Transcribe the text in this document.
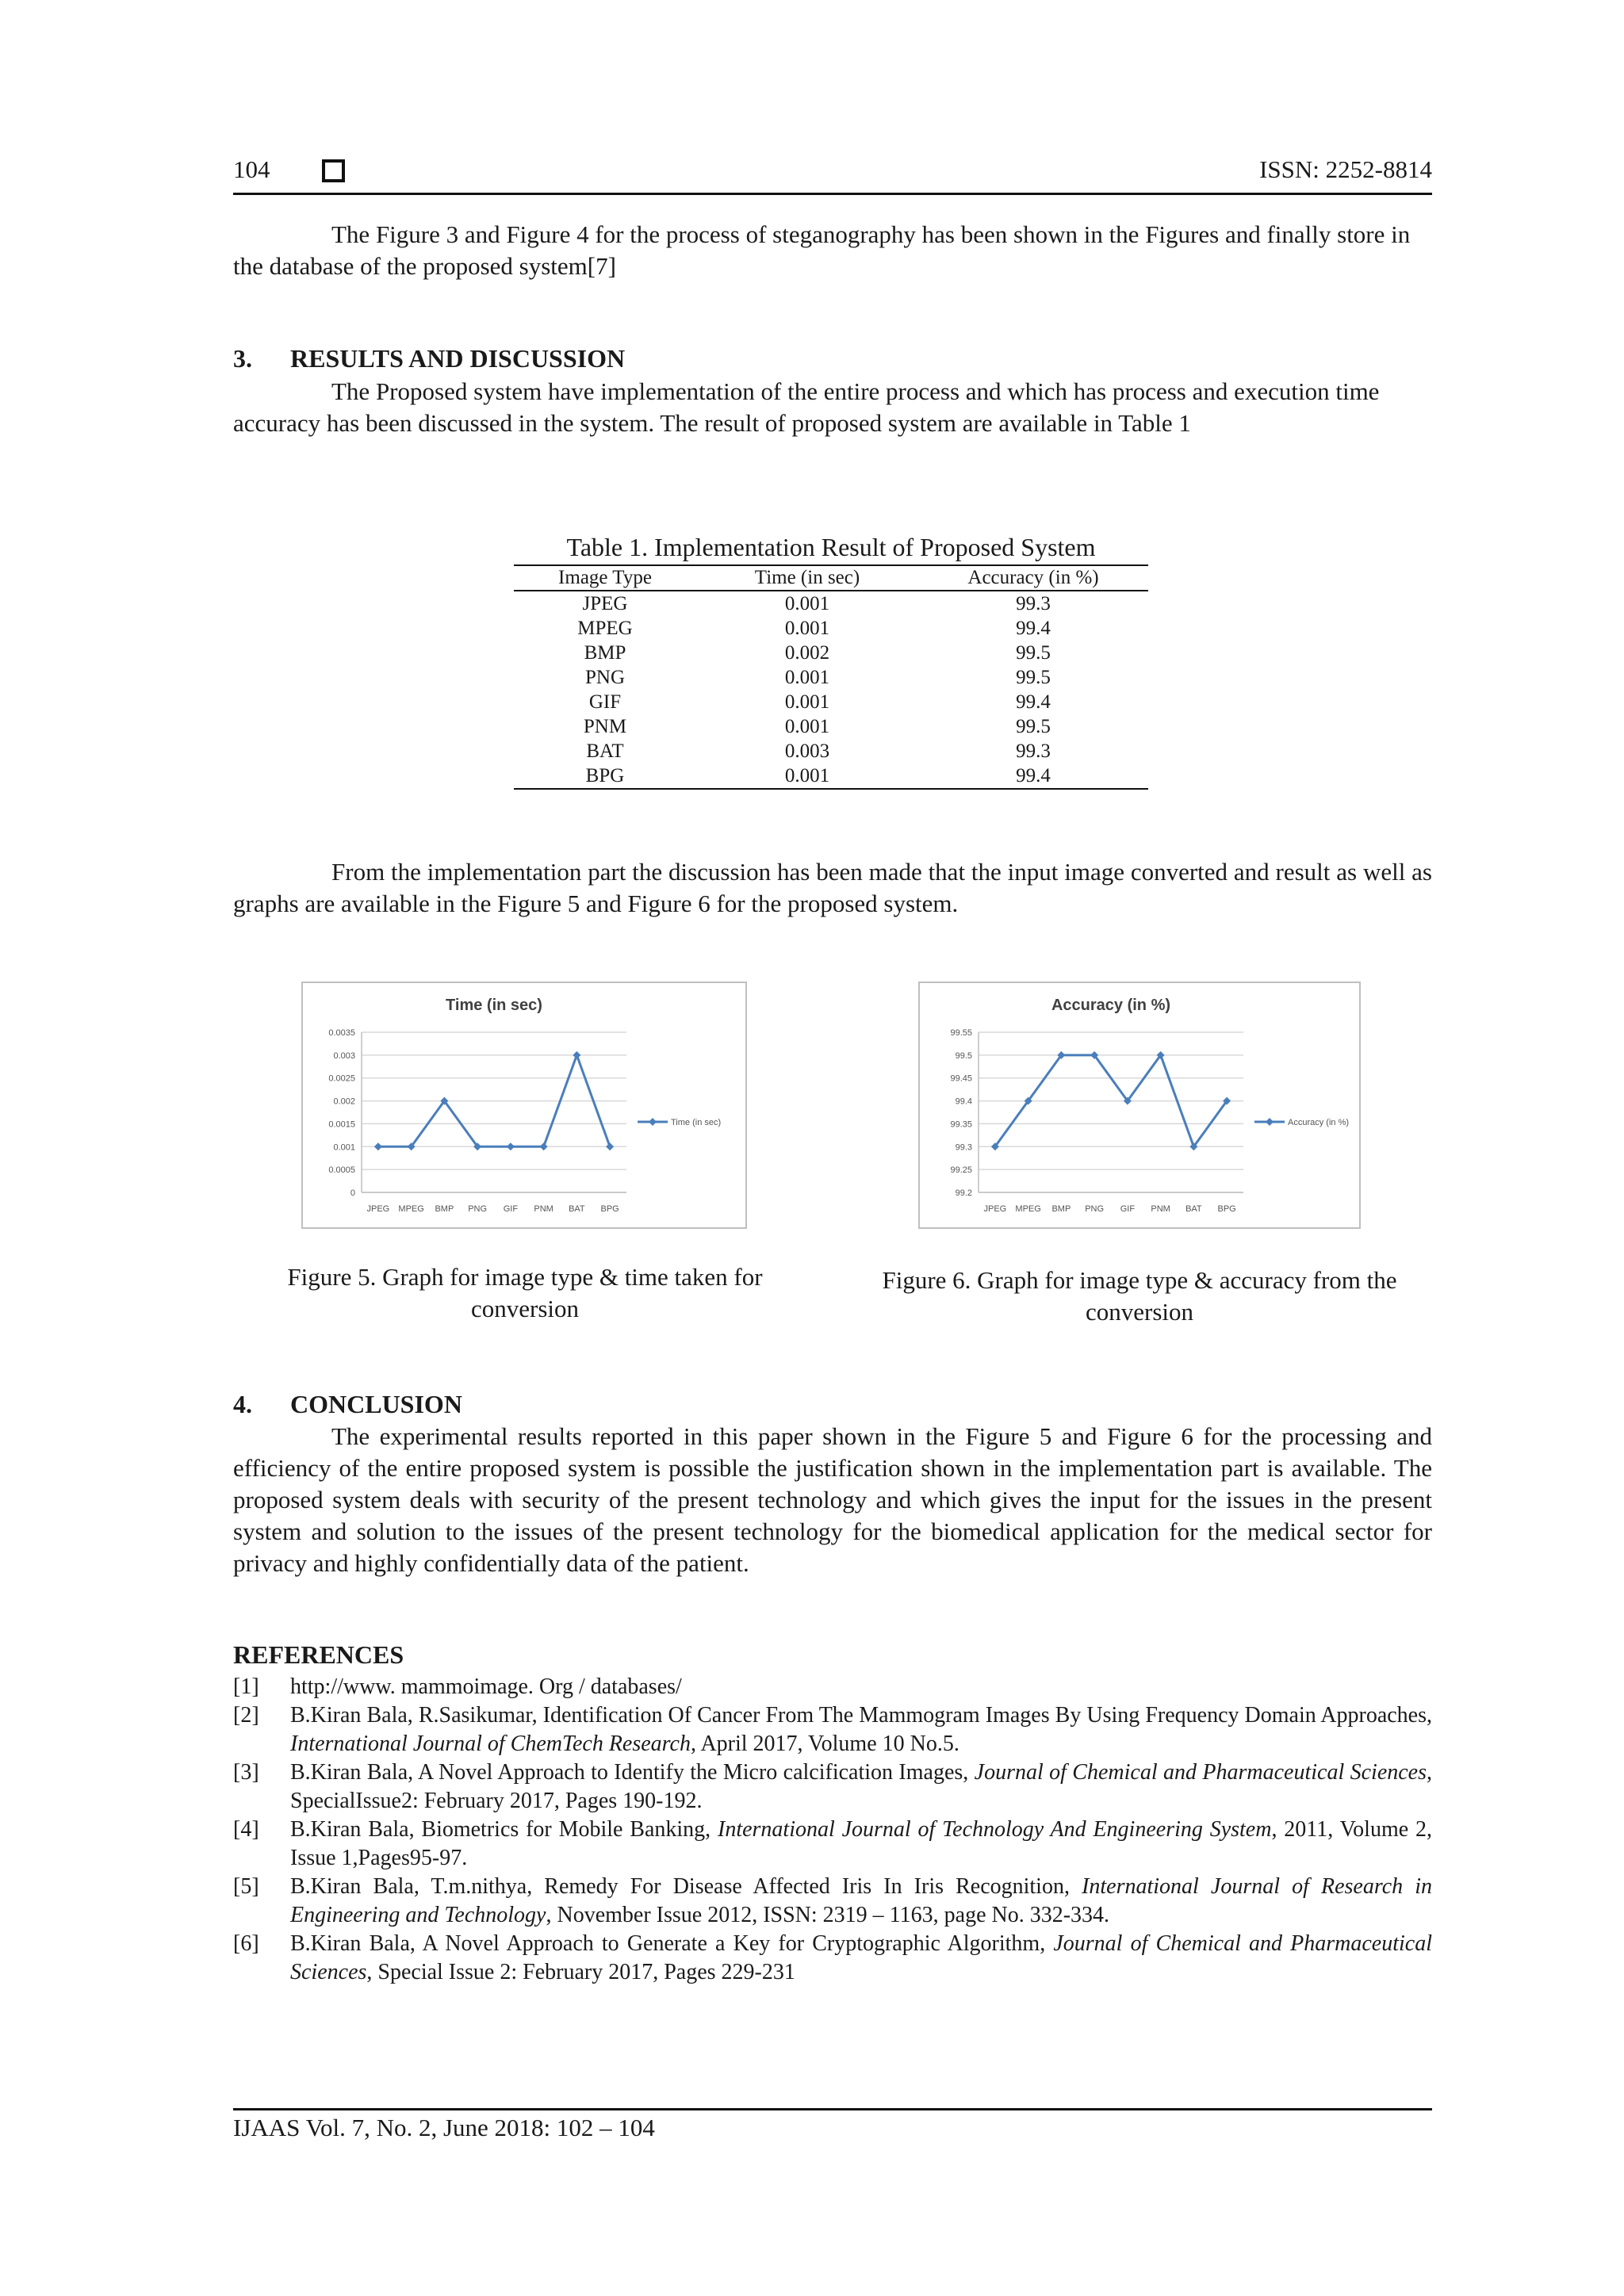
104	ISSN: 2252-8814
The Figure 3 and Figure 4 for the process of steganography has been shown in the Figures and finally store in the database of the proposed system[7]
3. RESULTS AND DISCUSSION
The Proposed system have implementation of the entire process and which has process and execution time accuracy has been discussed in the system. The result of proposed system are available in Table 1
Table 1. Implementation Result of Proposed System
Image Type	Time (in sec)	Accuracy (in %)
JPEG	0.001	99.3
MPEG	0.001	99.4
BMP	0.002	99.5
PNG	0.001	99.5
GIF	0.001	99.4
PNM	0.001	99.5
BAT	0.003	99.3
BPG	0.001	99.4
From the implementation part the discussion has been made that the input image converted and result as well as graphs are available in the Figure 5 and Figure 6 for the proposed system.
Time (in sec)
0
0.0005
0.001
0.0015
0.002
0.0025
0.003
0.0035
JPEG MPEG BMP PNG GIF PNM BAT BPG
Time (in sec)
Accuracy (in %)
99.2
99.25
99.3
99.35
99.4
99.45
99.5
99.55
JPEG MPEG BMP PNG GIF PNM BAT BPG
Accuracy (in %)
Figure 5. Graph for image type & time taken for conversion
Figure 6. Graph for image type & accuracy from the conversion
4. CONCLUSION
The experimental results reported in this paper shown in the Figure 5 and Figure 6 for the processing and efficiency of the entire proposed system is possible the justification shown in the implementation part is available. The proposed system deals with security of the present technology and which gives the input for the issues in the present system and solution to the issues of the present technology for the biomedical application for the medical sector for privacy and highly confidentially data of the patient.
REFERENCES
[1] http://www. mammoimage. Org / databases/
[2] B.Kiran Bala, R.Sasikumar, Identification Of Cancer From The Mammogram Images By Using Frequency Domain Approaches, International Journal of ChemTech Research, April 2017, Volume 10 No.5.
[3] B.Kiran Bala, A Novel Approach to Identify the Micro calcification Images, Journal of Chemical and Pharmaceutical Sciences, SpecialIssue2: February 2017, Pages 190-192.
[4] B.Kiran Bala, Biometrics for Mobile Banking, International Journal of Technology And Engineering System, 2011, Volume 2, Issue 1,Pages95-97.
[5] B.Kiran Bala, T.m.nithya, Remedy For Disease Affected Iris In Iris Recognition, International Journal of Research in Engineering and Technology, November Issue 2012, ISSN: 2319 – 1163, page No. 332-334.
[6] B.Kiran Bala, A Novel Approach to Generate a Key for Cryptographic Algorithm, Journal of Chemical and Pharmaceutical Sciences, Special Issue 2: February 2017, Pages 229-231
IJAAS Vol. 7, No. 2, June 2018: 102 – 104
